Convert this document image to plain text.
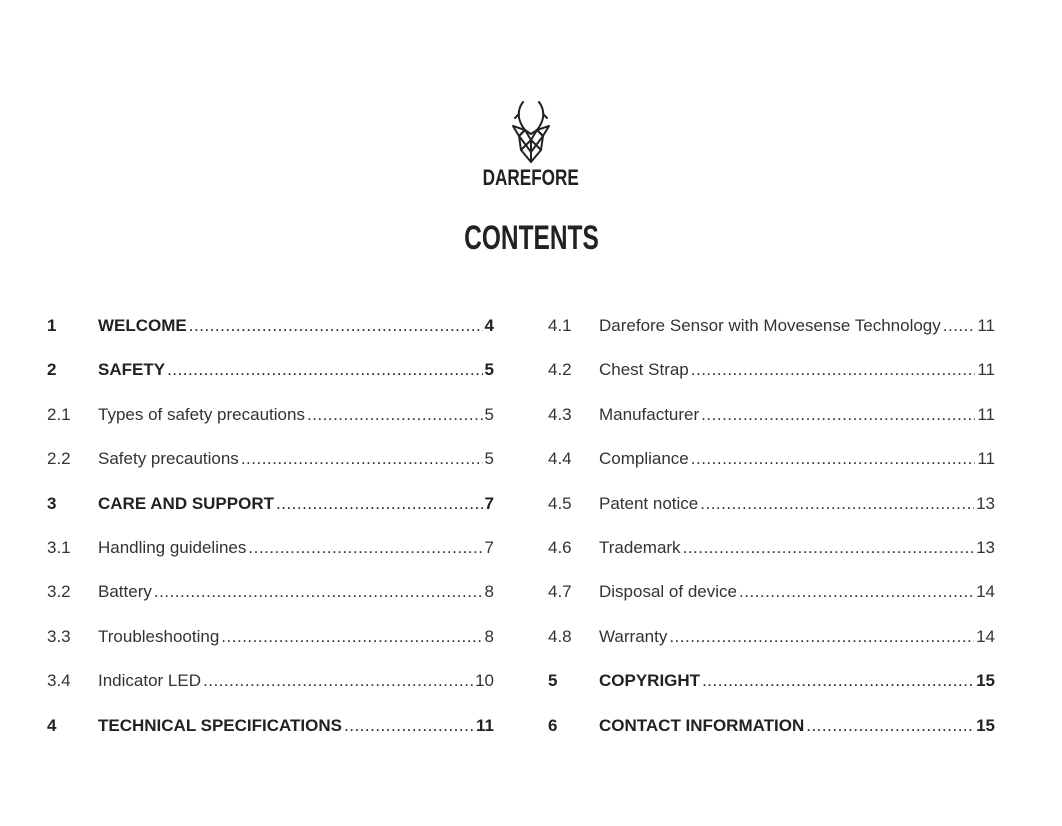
DAREFORE
CONTENTS
1	WELCOME .....	4
2	SAFETY .....	5
2.1	Types of safety precautions .....	5
2.2	Safety precautions .....	5
3	CARE AND SUPPORT .....	7
3.1	Handling guidelines .....	7
3.2	Battery .....	8
3.3	Troubleshooting .....	8
3.4	Indicator LED .....	10
4	TECHNICAL SPECIFICATIONS .....	11
4.1	Darefore Sensor with Movesense Technology ..... 11
4.2	Chest Strap .....	11
4.3	Manufacturer .....	11
4.4	Compliance .....	11
4.5	Patent notice .....	13
4.6	Trademark .....	13
4.7	Disposal of device .....	14
4.8	Warranty .....	14
5	COPYRIGHT .....	15
6	CONTACT INFORMATION .....	15
